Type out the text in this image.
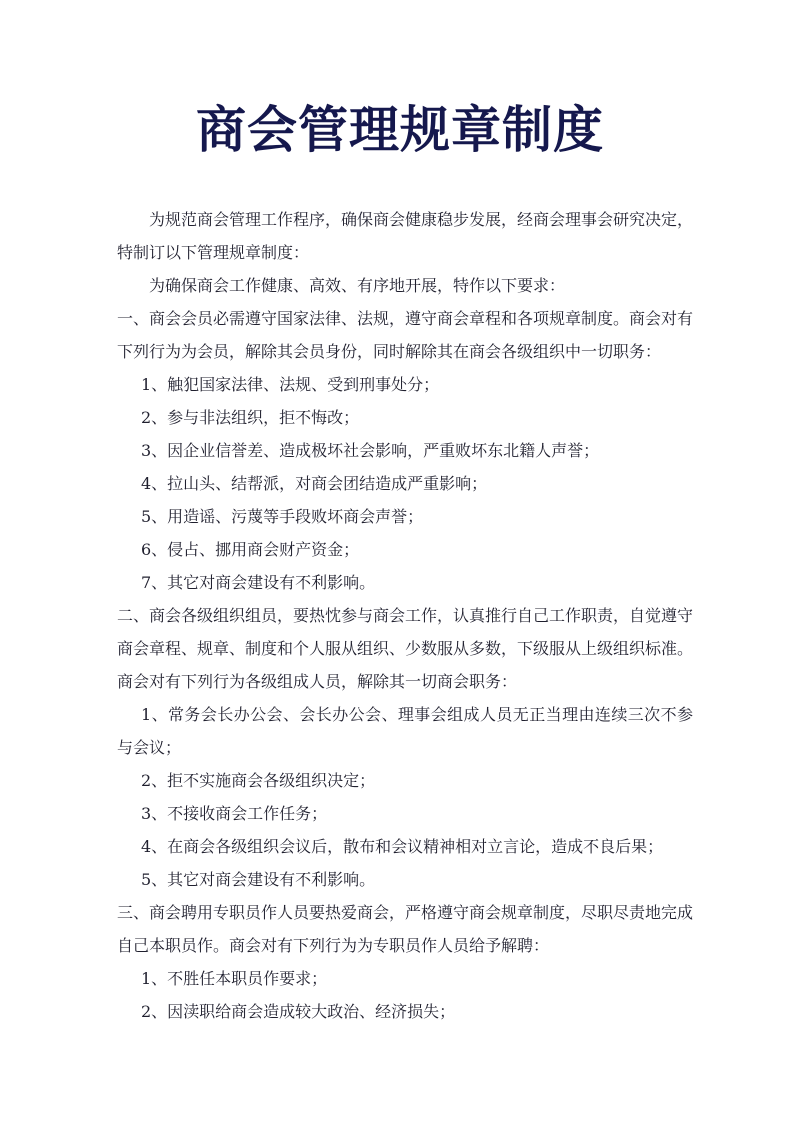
商会管理规章制度

为规范商会管理工作程序，确保商会健康稳步发展，经商会理事会研究决定，特制订以下管理规章制度：

为确保商会工作健康、高效、有序地开展，特作以下要求：

一、商会会员必需遵守国家法律、法规，遵守商会章程和各项规章制度。商会对有下列行为为会员，解除其会员身份，同时解除其在商会各级组织中一切职务：

1、触犯国家法律、法规、受到刑事处分；

2、参与非法组织，拒不悔改；

3、因企业信誉差、造成极坏社会影响，严重败坏东北籍人声誉；

4、拉山头、结帮派，对商会团结造成严重影响；

5、用造谣、污蔑等手段败坏商会声誉；

6、侵占、挪用商会财产资金；

7、其它对商会建设有不利影响。

二、商会各级组织组员，要热忱参与商会工作，认真推行自己工作职责，自觉遵守商会章程、规章、制度和个人服从组织、少数服从多数，下级服从上级组织标准。商会对有下列行为各级组成人员，解除其一切商会职务：

1、常务会长办公会、会长办公会、理事会组成人员无正当理由连续三次不参与会议；

2、拒不实施商会各级组织决定；

3、不接收商会工作任务；

4、在商会各级组织会议后，散布和会议精神相对立言论，造成不良后果；

5、其它对商会建设有不利影响。

三、商会聘用专职员作人员要热爱商会，严格遵守商会规章制度，尽职尽责地完成自己本职员作。商会对有下列行为为专职员作人员给予解聘：

1、不胜任本职员作要求；

2、因渎职给商会造成较大政治、经济损失；
